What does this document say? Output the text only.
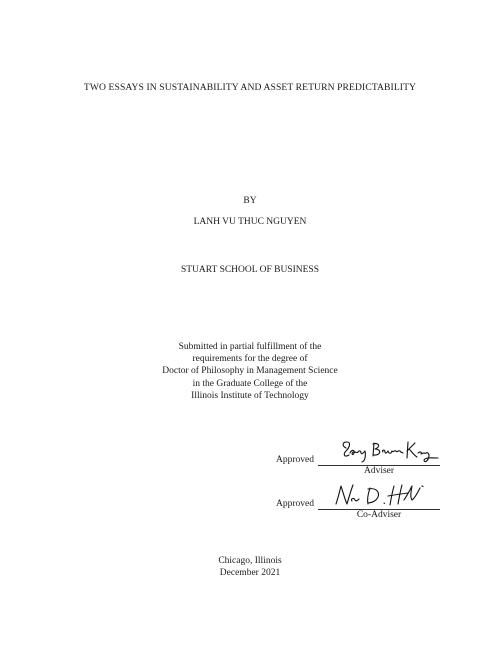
TWO ESSAYS IN SUSTAINABILITY AND ASSET RETURN PREDICTABILITY
BY
LANH VU THUC NGUYEN
STUART SCHOOL OF BUSINESS
Submitted in partial fulfillment of the
requirements for the degree of
Doctor of Philosophy in Management Science
in the Graduate College of the
Illinois Institute of Technology
Approved
Adviser
Approved
Co-Adviser
Chicago, Illinois
December 2021
